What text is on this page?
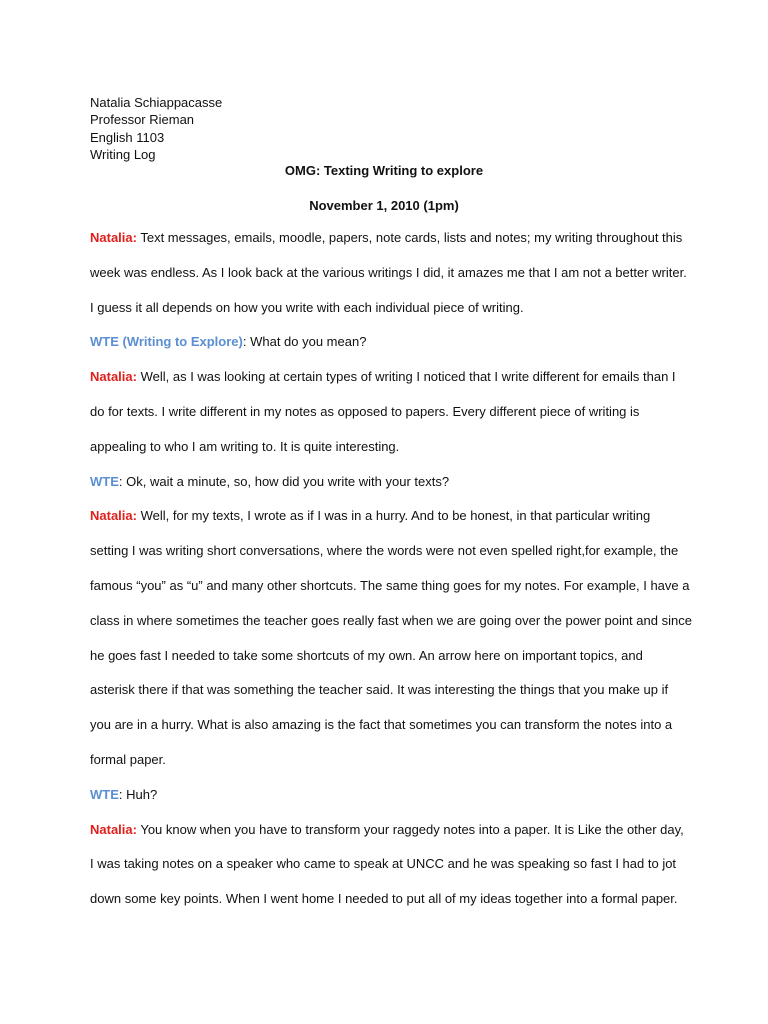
Natalia Schiappacasse
Professor Rieman
English 1103
Writing Log
OMG: Texting Writing to explore
November 1, 2010 (1pm)
Natalia: Text messages, emails, moodle, papers, note cards, lists and notes; my writing throughout this
week was endless. As I look back at the various writings I did, it amazes me that I am not a better writer.
I guess it all depends on how you write with each individual piece of writing.
WTE (Writing to Explore): What do you mean?
Natalia: Well, as I was looking at certain types of writing I noticed that I write different for emails than I
do for texts. I write different in my notes as opposed to papers. Every different piece of writing is
appealing to who I am writing to. It is quite interesting.
WTE: Ok, wait a minute, so, how did you write with your texts?
Natalia: Well, for my texts, I wrote as if I was in a hurry. And to be honest, in that particular writing
setting I was writing short conversations, where the words were not even spelled right,for example, the
famous “you” as “u” and many other shortcuts. The same thing goes for my notes. For example, I have a
class in where sometimes the teacher goes really fast when we are going over the power point and since
he goes fast I needed to take some shortcuts of my own. An arrow here on important topics, and
asterisk there if that was something the teacher said. It was interesting the things that you make up if
you are in a hurry. What is also amazing is the fact that sometimes you can transform the notes into a
formal paper.
WTE: Huh?
Natalia: You know when you have to transform your raggedy notes into a paper. It is Like the other day,
I was taking notes on a speaker who came to speak at UNCC and he was speaking so fast I had to jot
down some key points. When I went home I needed to put all of my ideas together into a formal paper.
